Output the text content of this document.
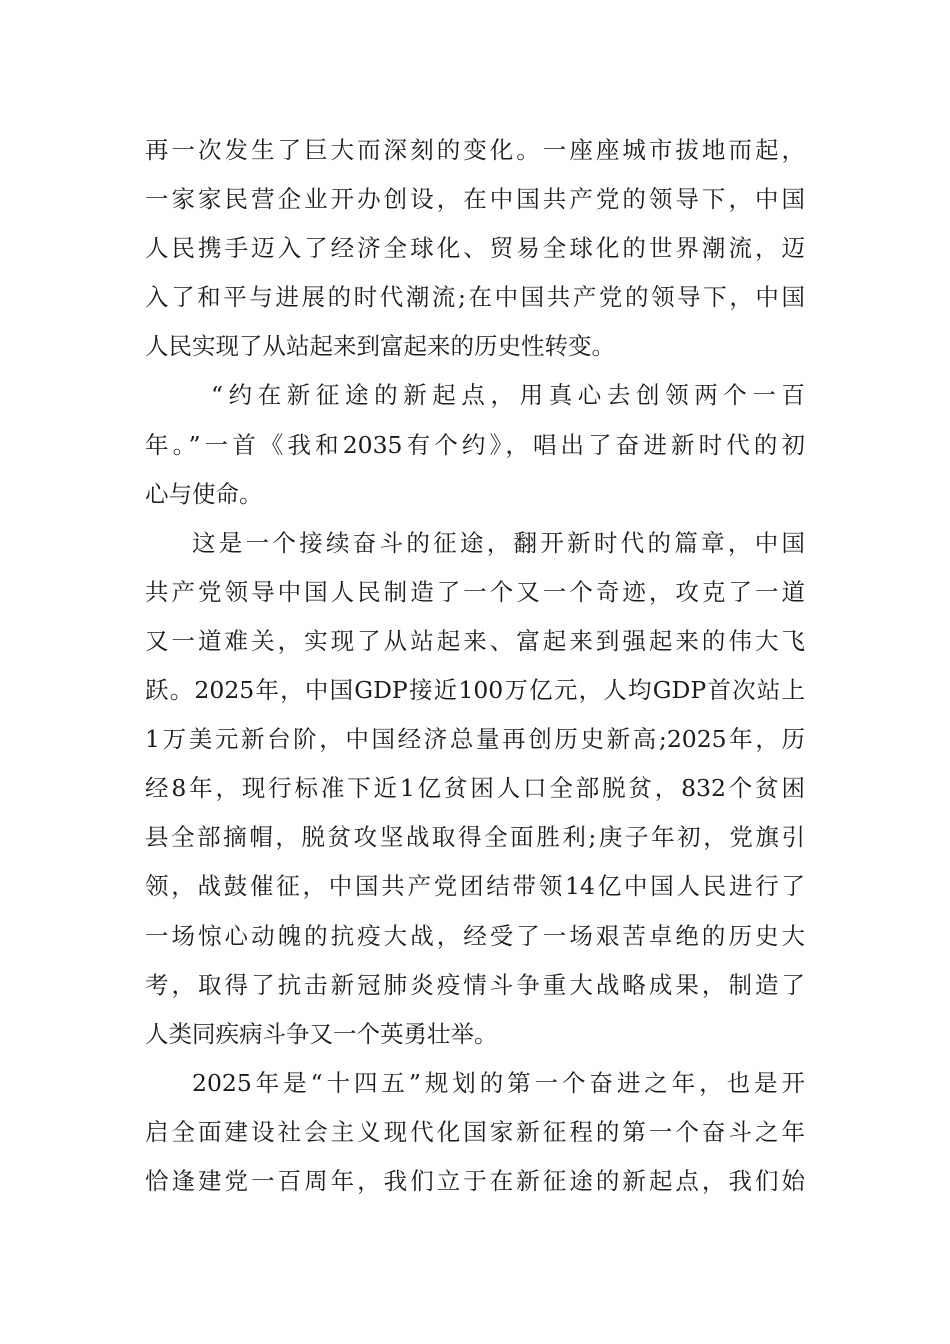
再一次发生了巨大而深刻的变化。一座座城市拔地而起，
一家家民营企业开办创设，在中国共产党的领导下，中国
人民携手迈入了经济全球化、贸易全球化的世界潮流，迈
入了和平与进展的时代潮流;在中国共产党的领导下，中国
人民实现了从站起来到富起来的历史性转变。
“约在新征途的新起点，用真心去创领两个一百
年。”一首《我和2035有个约》，唱出了奋进新时代的初
心与使命。
这是一个接续奋斗的征途，翻开新时代的篇章，中国
共产党领导中国人民制造了一个又一个奇迹，攻克了一道
又一道难关，实现了从站起来、富起来到强起来的伟大飞
跃。2025年，中国GDP接近100万亿元，人均GDP首次站上
1万美元新台阶，中国经济总量再创历史新高;2025年，历
经8年，现行标准下近1亿贫困人口全部脱贫，832个贫困
县全部摘帽，脱贫攻坚战取得全面胜利;庚子年初，党旗引
领，战鼓催征，中国共产党团结带领14亿中国人民进行了
一场惊心动魄的抗疫大战，经受了一场艰苦卓绝的历史大
考，取得了抗击新冠肺炎疫情斗争重大战略成果，制造了
人类同疾病斗争又一个英勇壮举。
2025年是“十四五”规划的第一个奋进之年，也是开
启全面建设社会主义现代化国家新征程的第一个奋斗之年
恰逢建党一百周年，我们立于在新征途的新起点，我们始
